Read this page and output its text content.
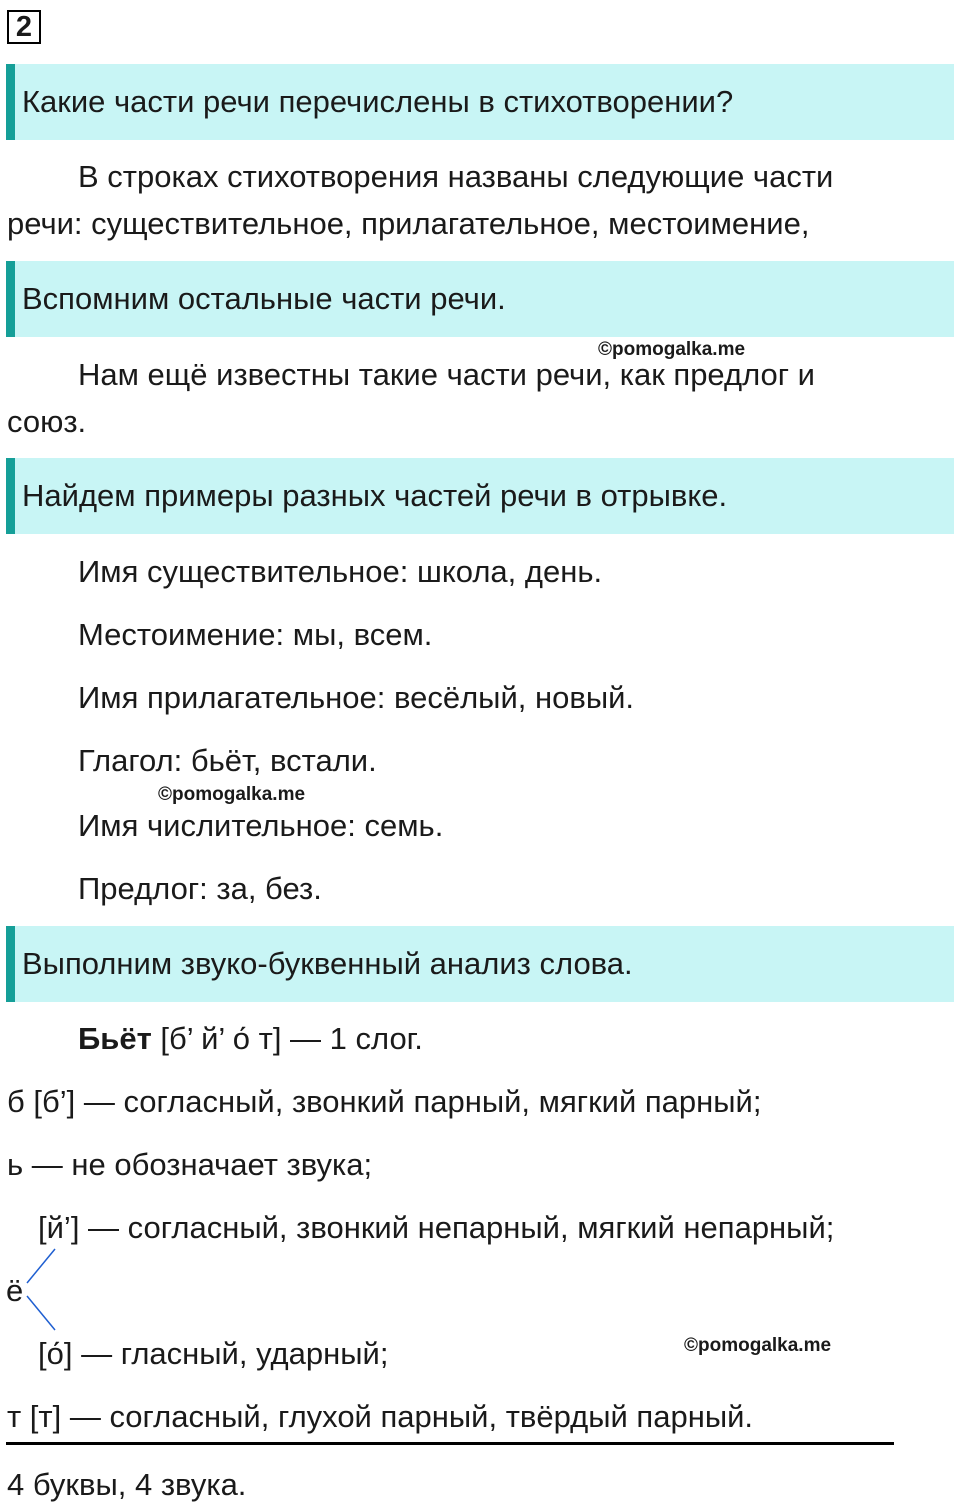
2
Какие части речи перечислены в стихотворении?
В строках стихотворения названы следующие части
речи: существительное, прилагательное, местоимение,
Вспомним остальные части речи.
©pomogalka.me
Нам ещё известны такие части речи, как предлог и
союз.
Найдем примеры разных частей речи в отрывке.
Имя существительное: школа, день.
Местоимение: мы, всем.
Имя прилагательное: весёлый, новый.
Глагол: бьёт, встали.
©pomogalka.me
Имя числительное: семь.
Предлог: за, без.
Выполним звуко-буквенный анализ слова.
Бьёт [б’ й’ о́ т] — 1 слог.
б [б’] — согласный, звонкий парный, мягкий парный;
ь — не обозначает звука;
[й’] — согласный, звонкий непарный, мягкий непарный;
ё
[о́] — гласный, ударный;	©pomogalka.me
т [т] — согласный, глухой парный, твёрдый парный.
4 буквы, 4 звука.
